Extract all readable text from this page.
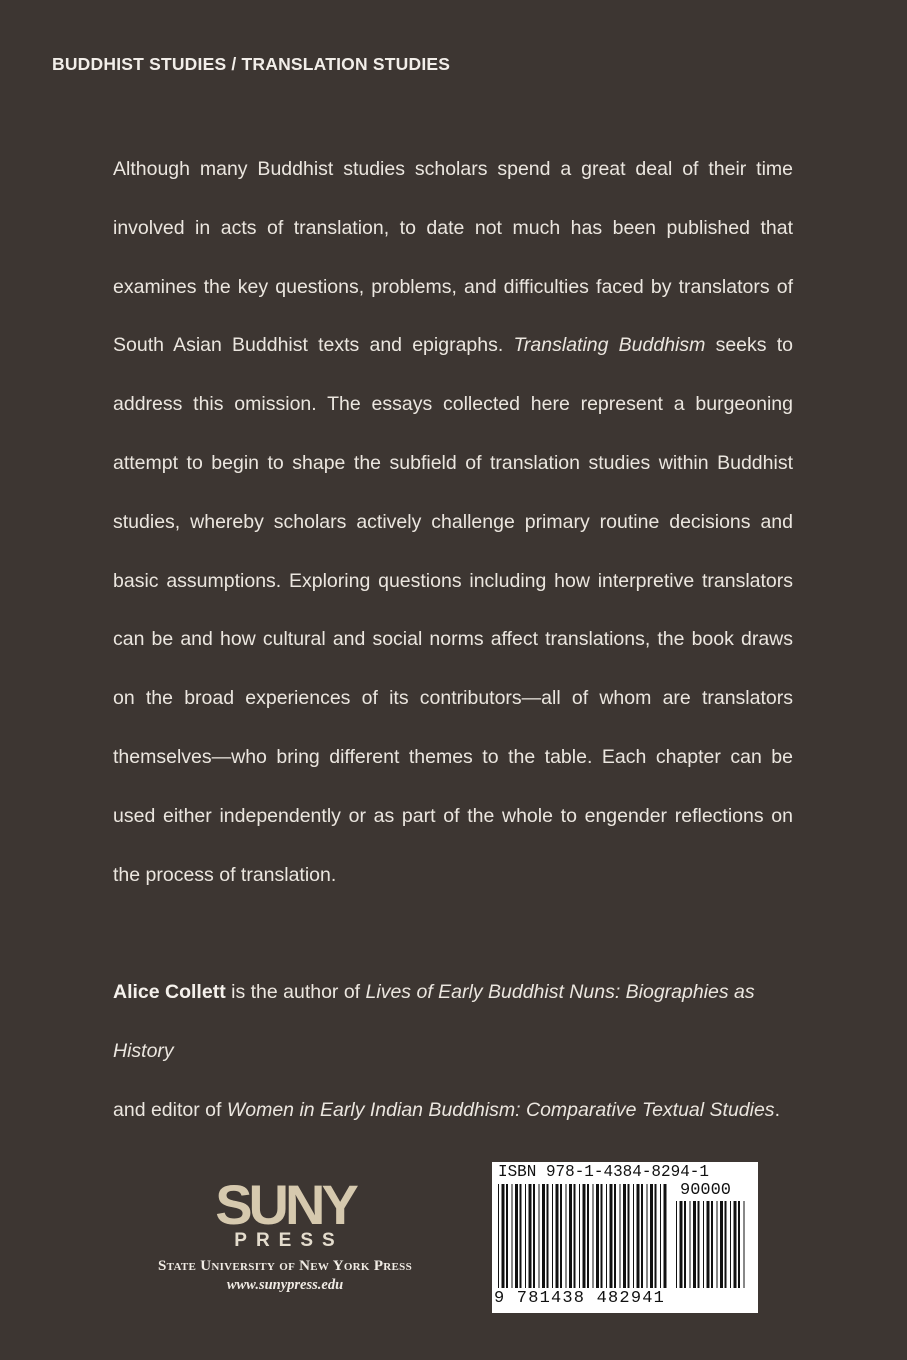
BUDDHIST STUDIES / TRANSLATION STUDIES

Although many Buddhist studies scholars spend a great deal of their time involved in acts of translation, to date not much has been published that examines the key questions, problems, and difficulties faced by translators of South Asian Buddhist texts and epigraphs. Translating Buddhism seeks to address this omission. The essays collected here represent a burgeoning attempt to begin to shape the subfield of translation studies within Buddhist studies, whereby scholars actively challenge primary routine decisions and basic assumptions. Exploring questions including how interpretive translators can be and how cultural and social norms affect translations, the book draws on the broad experiences of its contributors—all of whom are translators themselves—who bring different themes to the table. Each chapter can be used either independently or as part of the whole to engender reflections on the process of translation.

Alice Collett is the author of Lives of Early Buddhist Nuns: Biographies as History
and editor of Women in Early Indian Buddhism: Comparative Textual Studies.
SUNY
PRESS
State University of New York Press
www.sunypress.edu
ISBN 978-1-4384-8294-1
90000
9 781438 482941
